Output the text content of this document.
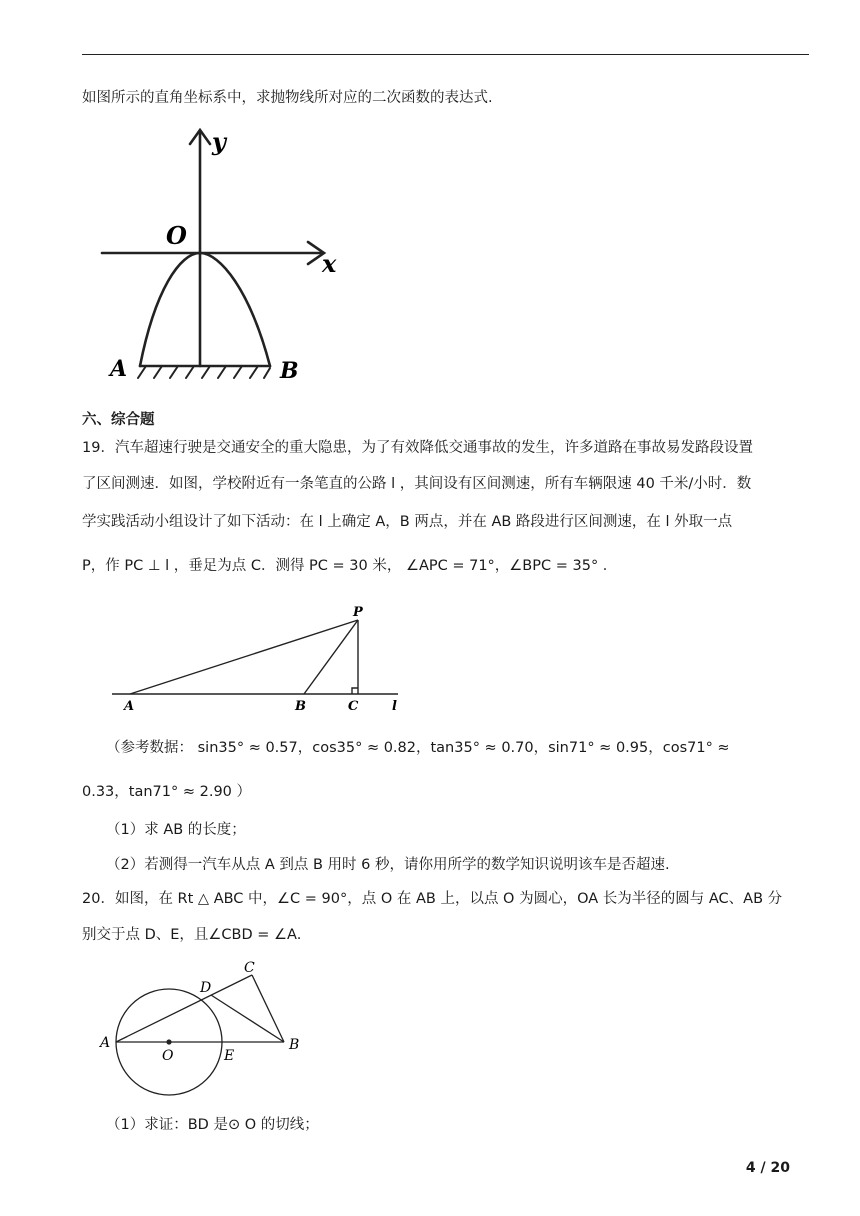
如图所示的直角坐标系中，求抛物线所对应的二次函数的表达式.
y
x
O
A	B
六、综合题
19．汽车超速行驶是交通安全的重大隐患，为了有效降低交通事故的发生，许多道路在事故易发路段设置
了区间测速．如图，学校附近有一条笔直的公路 l ，其间设有区间测速，所有车辆限速 40 千米/小时．数
学实践活动小组设计了如下活动：在 l 上确定 A，B 两点，并在 AB 路段进行区间测速，在 l 外取一点
P，作 PC ⊥ l ，垂足为点 C．测得 PC = 30 米， ∠APC = 71°，∠BPC = 35° ．
P
A	B	C	l
（参考数据： sin35° ≈ 0.57，cos35° ≈ 0.82，tan35° ≈ 0.70，sin71° ≈ 0.95，cos71° ≈
0.33，tan71° ≈ 2.90 ）
（1）求 AB 的长度；
（2）若测得一汽车从点 A 到点 B 用时 6 秒，请你用所学的数学知识说明该车是否超速.
20．如图，在 Rt △ ABC 中，∠C = 90°，点 O 在 AB 上，以点 O 为圆心，OA 长为半径的圆与 AC、AB 分
别交于点 D、E，且∠CBD = ∠A.
C
D
A
O	E
B
（1）求证：BD 是⊙ O 的切线；
4 / 20
